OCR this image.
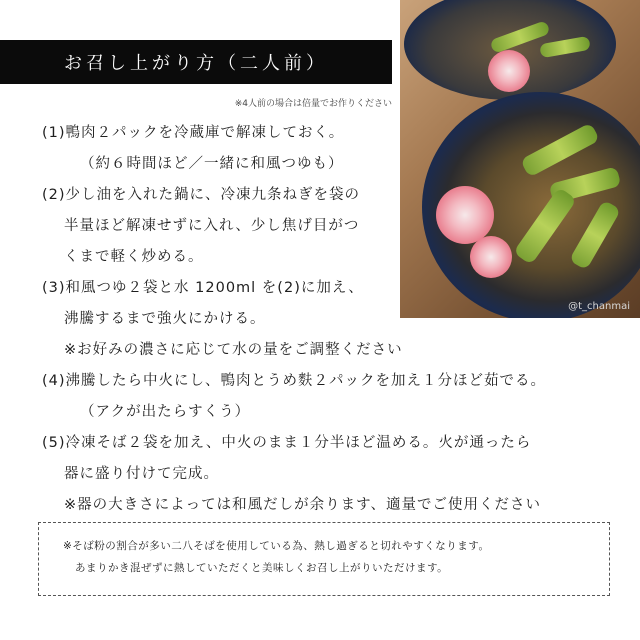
@t_chanmai
お召し上がり方（二人前）
※4人前の場合は倍量でお作りください
(1)鴨肉２パックを冷蔵庫で解凍しておく。
（約６時間ほど／一緒に和風つゆも）
(2)少し油を入れた鍋に、冷凍九条ねぎを袋の
半量ほど解凍せずに入れ、少し焦げ目がつ
くまで軽く炒める。
(3)和風つゆ２袋と水 1200ml を(2)に加え、
沸騰するまで強火にかける。
※お好みの濃さに応じて水の量をご調整ください
(4)沸騰したら中火にし、鴨肉とうめ麩２パックを加え１分ほど茹でる。
（アクが出たらすくう）
(5)冷凍そば２袋を加え、中火のまま１分半ほど温める。火が通ったら
器に盛り付けて完成。
※器の大きさによっては和風だしが余ります、適量でご使用ください
※そば粉の割合が多い二八そばを使用している為、熱し過ぎると切れやすくなります。
あまりかき混ぜずに熱していただくと美味しくお召し上がりいただけます。
